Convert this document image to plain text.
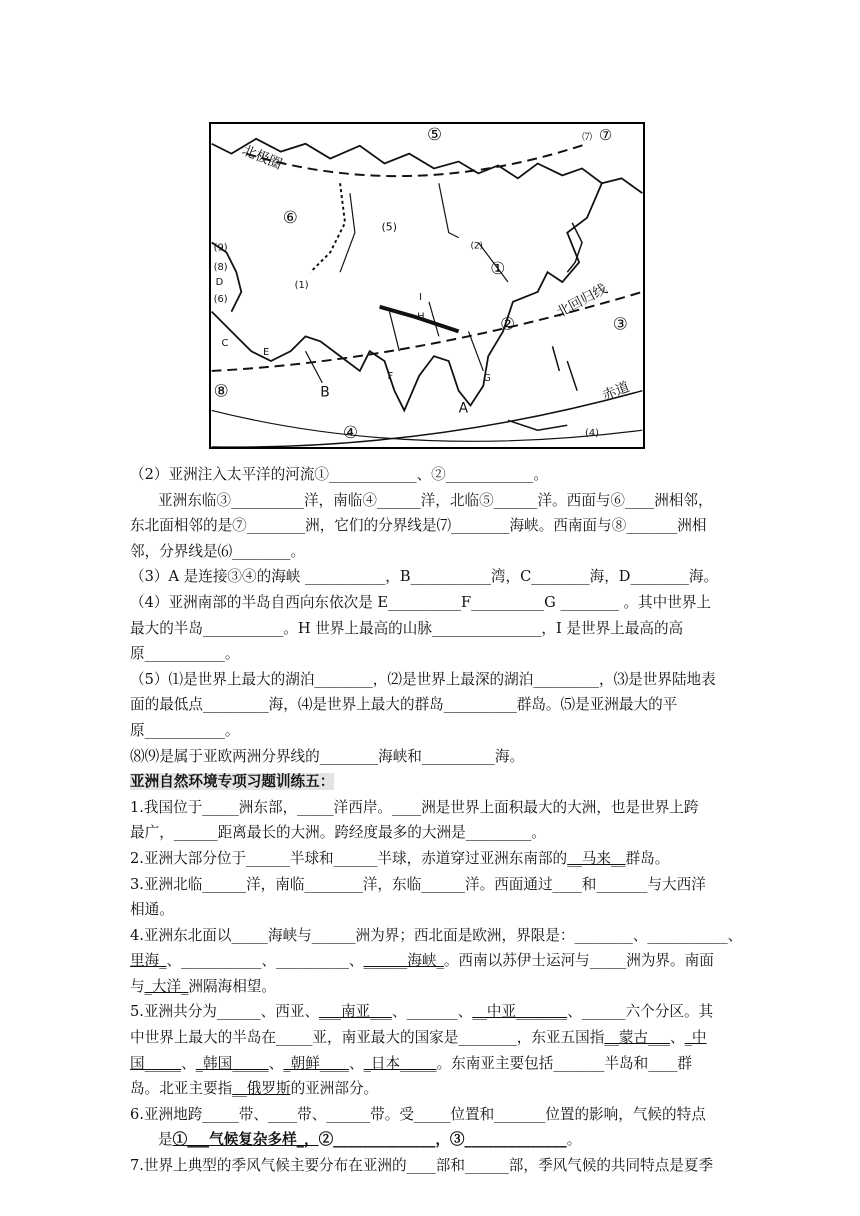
北极圈
北回归线
赤道
⑤	⑦
⑺
⑥
(5)
(2)
①
(9)
(8)
D
(6)
(1)
C
I
H	②	③
E
F	G
B
⑧
A
④	(4)
（2）亚洲注入太平洋的河流①____________、②____________。
亚洲东临③__________洋，南临④______洋，北临⑤______洋。西面与⑥____洲相邻，
东北面相邻的是⑦________洲，它们的分界线是⑺________海峡。西南面与⑧_______洲相
邻，分界线是⑹________。
（3）A 是连接③④的海峡 ___________，B___________湾，C________海，D________海。
（4）亚洲南部的半岛自西向东依次是 E__________F__________G ________ 。其中世界上
最大的半岛___________。H 世界上最高的山脉_______________，I 是世界上最高的高
原___________。
（5）⑴是世界上最大的湖泊________，⑵是世界上最深的湖泊_________，⑶是世界陆地表
面的最低点_________海，⑷是世界上最大的群岛__________群岛。⑸是亚洲最大的平
原___________。
⑻⑼是属于亚欧两洲分界线的________海峡和__________海。
亚洲自然环境专项习题训练五：
1.我国位于_____洲东部，_____洋西岸。____洲是世界上面积最大的大洲，也是世界上跨
最广，______距离最长的大洲。跨经度最多的大洲是_________。
2.亚洲大部分位于______半球和______半球，赤道穿过亚洲东南部的__马来__群岛。
3.亚洲北临______洋，南临________洋，东临______洋。西面通过____和_______与大西洋
相通。
4.亚洲东北面以_____海峡与______洲为界；西北面是欧洲，界限是：________、___________、
里海_、___________、__________、______海峡_。西南以苏伊士运河与_____洲为界。南面
与_大洋_洲隔海相望。
5.亚洲共分为______、西亚、___南亚___、_______、__中亚_______、______六个分区。其
中世界上最大的半岛在_____亚，南亚最大的国家是________，东亚五国指__蒙古___、_中
国_____、_韩国_____、_朝鲜____、_日本_____。东南亚主要包括_______半岛和____群
岛。北亚主要指__俄罗斯的亚洲部分。
6.亚洲地跨_____带、____带、______带。受_____位置和_______位置的影响，气候的特点
是①___气候复杂多样_，②______________，③______________。
7.世界上典型的季风气候主要分布在亚洲的____部和______部，季风气候的共同特点是夏季
